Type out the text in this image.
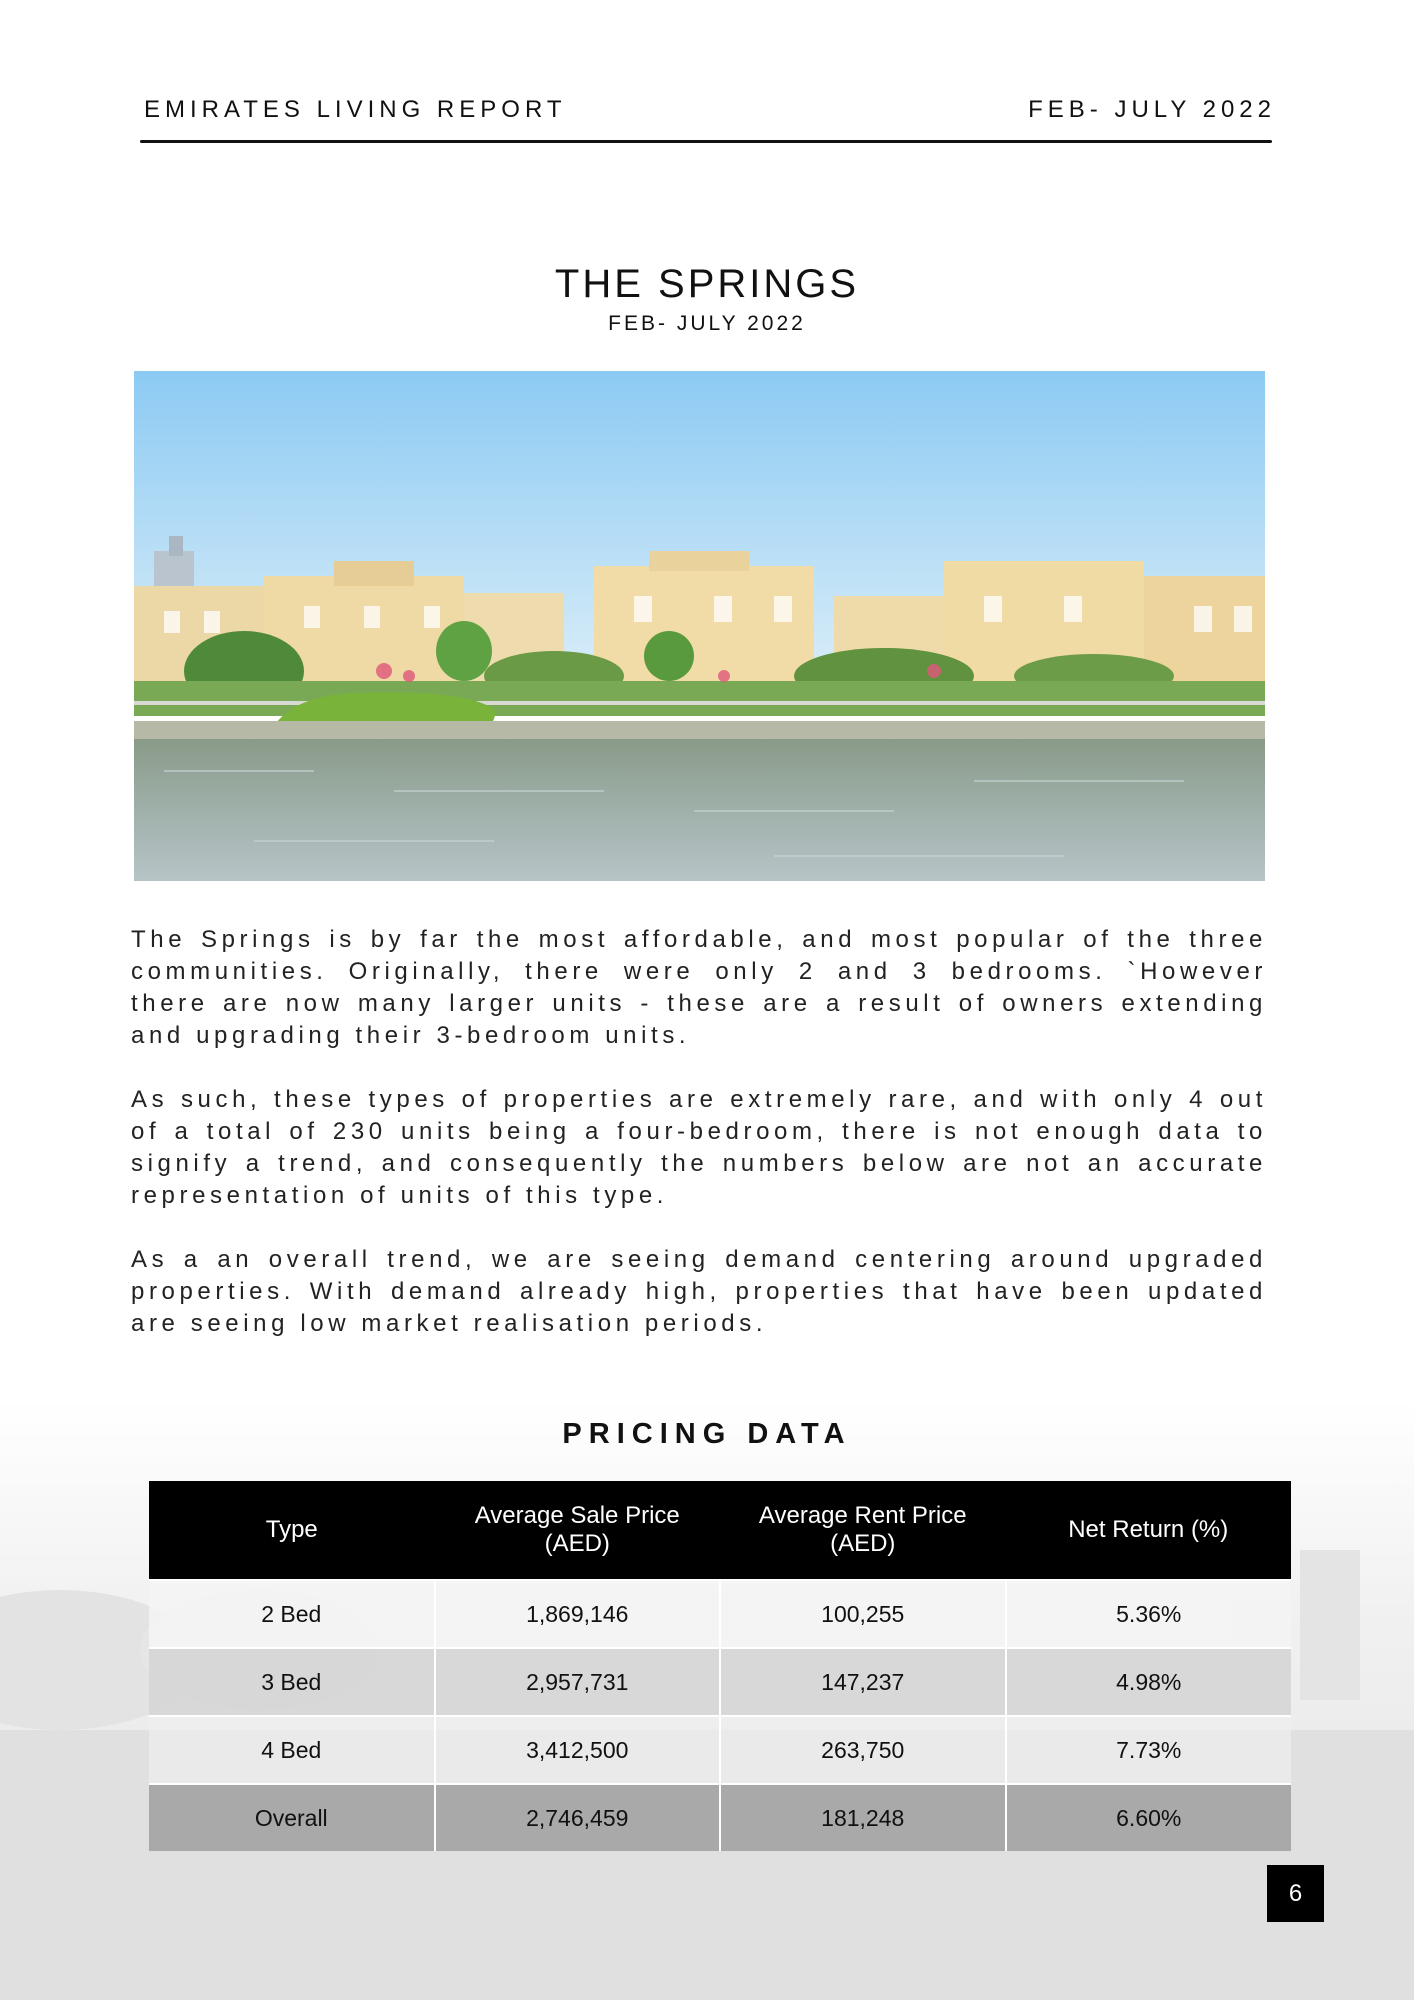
EMIRATES LIVING REPORT	FEB- JULY 2022
THE SPRINGS
FEB- JULY 2022

The Springs is by far the most affordable, and most popular of the three communities. Originally, there were only 2 and 3 bedrooms. `However there are now many larger units - these are a result of owners extending and upgrading their 3-bedroom units.

As such, these types of properties are extremely rare, and with only 4 out of a total of 230 units being a four-bedroom, there is not enough data to signify a trend, and consequently the numbers below are not an accurate representation of units of this type.

As a an overall trend, we are seeing demand centering around upgraded properties. With demand already high, properties that have been updated are seeing low market realisation periods.

PRICING DATA
Type	Average Sale Price (AED)	Average Rent Price (AED)	Net Return (%)
2 Bed	1,869,146	100,255	5.36%
3 Bed	2,957,731	147,237	4.98%
4 Bed	3,412,500	263,750	7.73%
Overall	2,746,459	181,248	6.60%
6
